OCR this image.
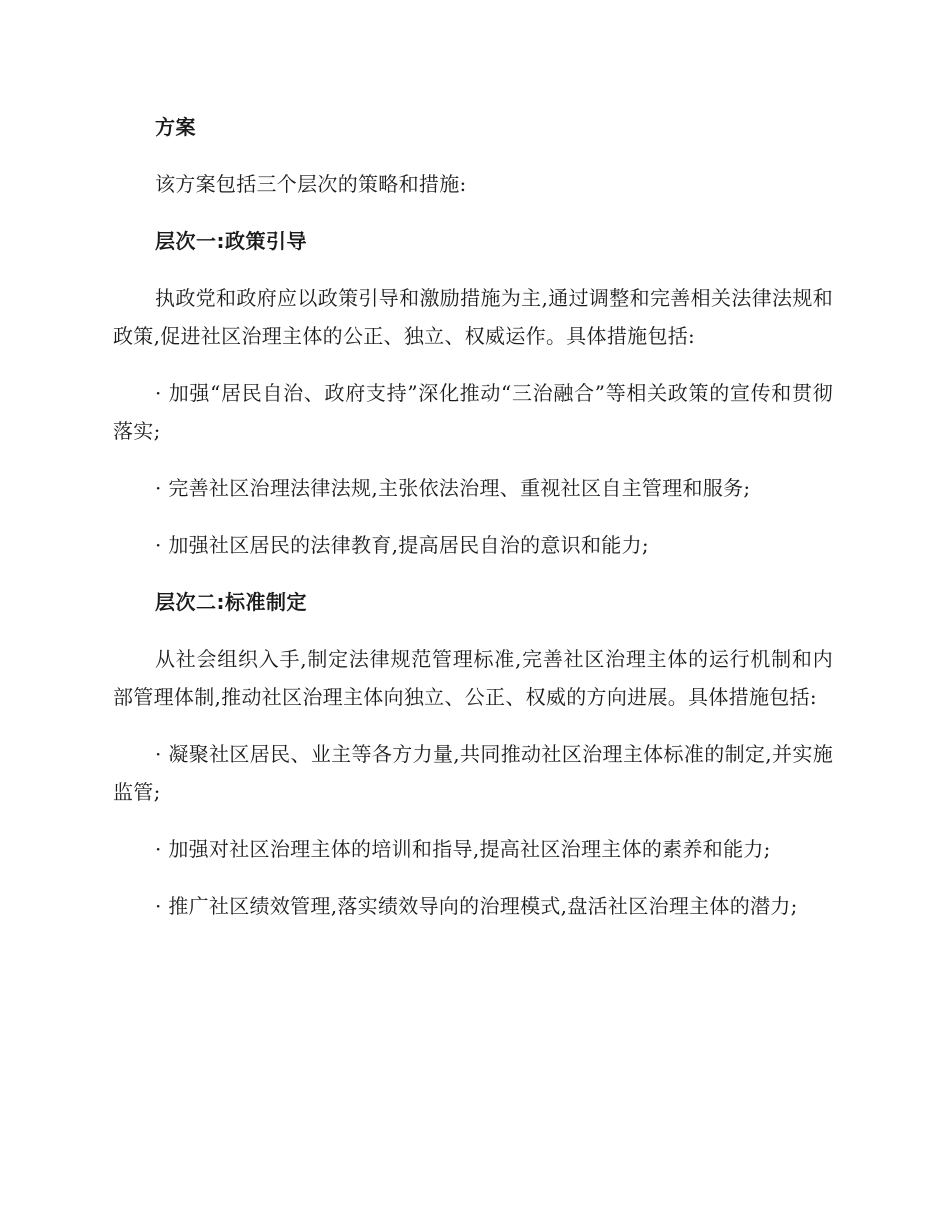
方案
该方案包括三个层次的策略和措施:
层次一:政策引导
执政党和政府应以政策引导和激励措施为主,通过调整和完善相关法律法规和政策,促进社区治理主体的公正、独立、权威运作。具体措施包括:
· 加强“居民自治、政府支持”深化推动“三治融合”等相关政策的宣传和贯彻落实;
· 完善社区治理法律法规,主张依法治理、重视社区自主管理和服务;
· 加强社区居民的法律教育,提高居民自治的意识和能力;
层次二:标准制定
从社会组织入手,制定法律规范管理标准,完善社区治理主体的运行机制和内部管理体制,推动社区治理主体向独立、公正、权威的方向进展。具体措施包括:
· 凝聚社区居民、业主等各方力量,共同推动社区治理主体标准的制定,并实施监管;
· 加强对社区治理主体的培训和指导,提高社区治理主体的素养和能力;
· 推广社区绩效管理,落实绩效导向的治理模式,盘活社区治理主体的潜力;
